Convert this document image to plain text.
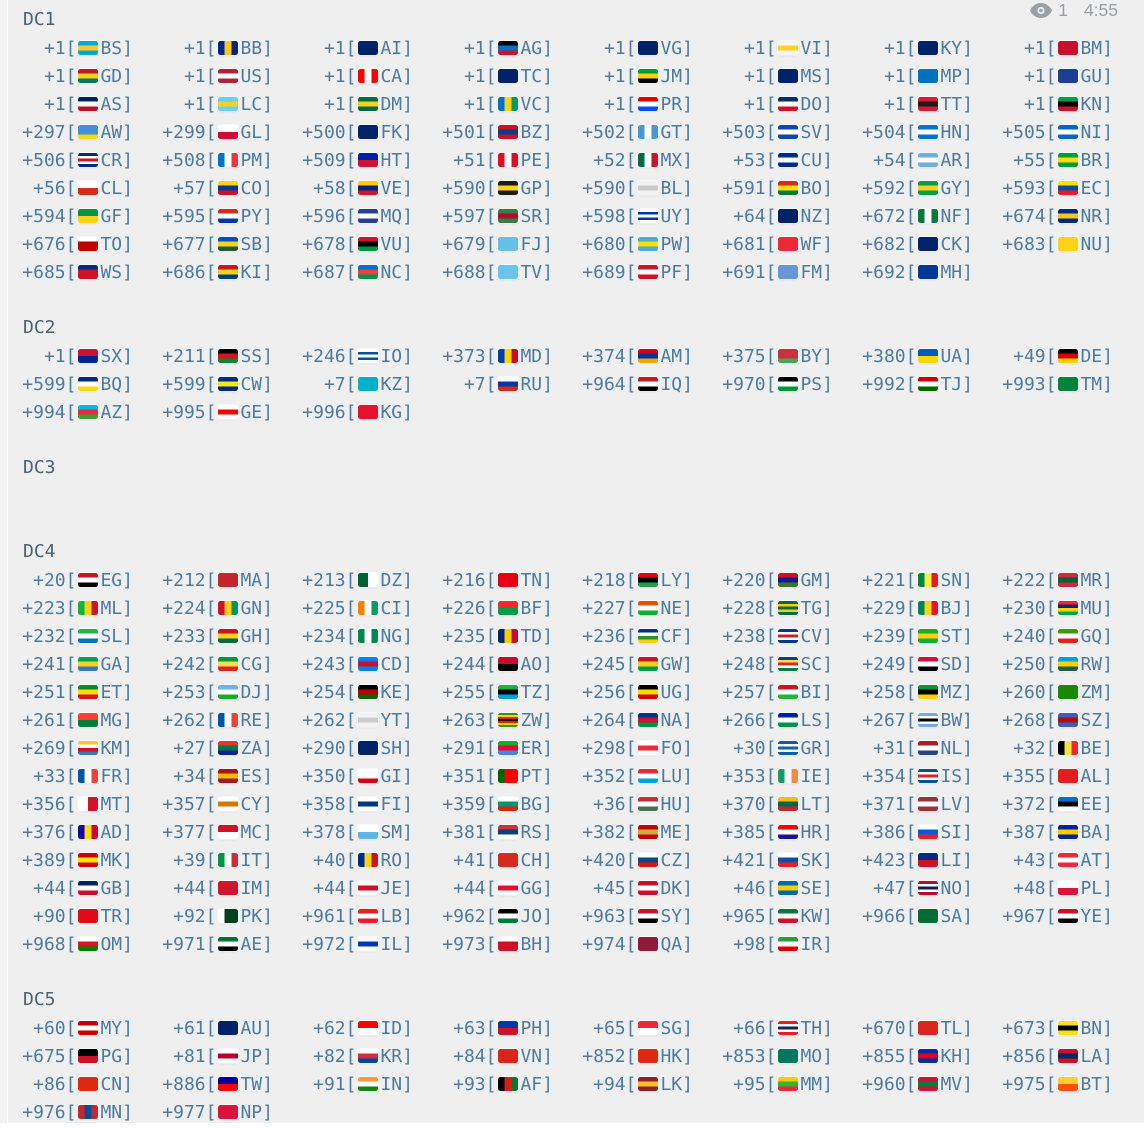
DC1
+1 [ BS ]	+1 [ BB ]	+1 [ AI ]	+1 [ AG ]	+1 [ VG ]	+1 [ VI ]	+1 [ KY ]	+1 [ BM ]
+1 [ GD ]	+1 [ US ]	+1 [ CA ]	+1 [ TC ]	+1 [ JM ]	+1 [ MS ]	+1 [ MP ]	+1 [ GU ]
+1 [ AS ]	+1 [ LC ]	+1 [ DM ]	+1 [ VC ]	+1 [ PR ]	+1 [ DO ]	+1 [ TT ]	+1 [ KN ]
+297 [ AW ] +299 [ GL ] +500 [ FK ] +501 [ BZ ] +502 [ GT ] +503 [ SV ] +504 [ HN ] +505 [ NI ]
+506 [ CR ] +508 [ PM ] +509 [ HT ] +51 [ PE ] +52 [ MX ] +53 [ CU ] +54 [ AR ] +55 [ BR ]
+56 [ CL ] +57 [ CO ] +58 [ VE ] +590 [ GP ] +590 [ BL ] +591 [ BO ] +592 [ GY ] +593 [ EC ]
+594 [ GF ] +595 [ PY ] +596 [ MQ ] +597 [ SR ] +598 [ UY ] +64 [ NZ ] +672 [ NF ] +674 [ NR ]
+676 [ TO ] +677 [ SB ] +678 [ VU ] +679 [ FJ ] +680 [ PW ] +681 [ WF ] +682 [ CK ] +683 [ NU ]
+685 [ WS ] +686 [ KI ] +687 [ NC ] +688 [ TV ] +689 [ PF ] +691 [ FM ] +692 [ MH ]
DC2
+1 [ SX ] +211 [ SS ] +246 [ IO ] +373 [ MD ] +374 [ AM ] +375 [ BY ] +380 [ UA ] +49 [ DE ]
+599 [ BQ ] +599 [ CW ]	+7 [ KZ ]	+7 [ RU ] +964 [ IQ ] +970 [ PS ] +992 [ TJ ] +993 [ TM ]
+994 [ AZ ] +995 [ GE ] +996 [ KG ]
DC3
DC4
+20 [ EG ] +212 [ MA ] +213 [ DZ ] +216 [ TN ] +218 [ LY ] +220 [ GM ] +221 [ SN ] +222 [ MR ]
+223 [ ML ] +224 [ GN ] +225 [ CI ] +226 [ BF ] +227 [ NE ] +228 [ TG ] +229 [ BJ ] +230 [ MU ]
+232 [ SL ] +233 [ GH ] +234 [ NG ] +235 [ TD ] +236 [ CF ] +238 [ CV ] +239 [ ST ] +240 [ GQ ]
+241 [ GA ] +242 [ CG ] +243 [ CD ] +244 [ AO ] +245 [ GW ] +248 [ SC ] +249 [ SD ] +250 [ RW ]
+251 [ ET ] +253 [ DJ ] +254 [ KE ] +255 [ TZ ] +256 [ UG ] +257 [ BI ] +258 [ MZ ] +260 [ ZM ]
+261 [ MG ] +262 [ RE ] +262 [ YT ] +263 [ ZW ] +264 [ NA ] +266 [ LS ] +267 [ BW ] +268 [ SZ ]
+269 [ KM ] +27 [ ZA ] +290 [ SH ] +291 [ ER ] +298 [ FO ] +30 [ GR ] +31 [ NL ] +32 [ BE ]
+33 [ FR ] +34 [ ES ] +350 [ GI ] +351 [ PT ] +352 [ LU ] +353 [ IE ] +354 [ IS ] +355 [ AL ]
+356 [ MT ] +357 [ CY ] +358 [ FI ] +359 [ BG ] +36 [ HU ] +370 [ LT ] +371 [ LV ] +372 [ EE ]
+376 [ AD ] +377 [ MC ] +378 [ SM ] +381 [ RS ] +382 [ ME ] +385 [ HR ] +386 [ SI ] +387 [ BA ]
+389 [ MK ] +39 [ IT ] +40 [ RO ] +41 [ CH ] +420 [ CZ ] +421 [ SK ] +423 [ LI ] +43 [ AT ]
+44 [ GB ] +44 [ IM ] +44 [ JE ] +44 [ GG ] +45 [ DK ] +46 [ SE ] +47 [ NO ] +48 [ PL ]
+90 [ TR ] +92 [ PK ] +961 [ LB ] +962 [ JO ] +963 [ SY ] +965 [ KW ] +966 [ SA ] +967 [ YE ]
+968 [ OM ] +971 [ AE ] +972 [ IL ] +973 [ BH ] +974 [ QA ] +98 [ IR ]
DC5
+60 [ MY ] +61 [ AU ] +62 [ ID ] +63 [ PH ] +65 [ SG ] +66 [ TH ] +670 [ TL ] +673 [ BN ]
+675 [ PG ] +81 [ JP ] +82 [ KR ] +84 [ VN ] +852 [ HK ] +853 [ MO ] +855 [ KH ] +856 [ LA ]
+86 [ CN ] +886 [ TW ] +91 [ IN ] +93 [ AF ] +94 [ LK ] +95 [ MM ] +960 [ MV ] +975 [ BT ]
+976 [ MN ] +977 [ NP ]
1 4:55
